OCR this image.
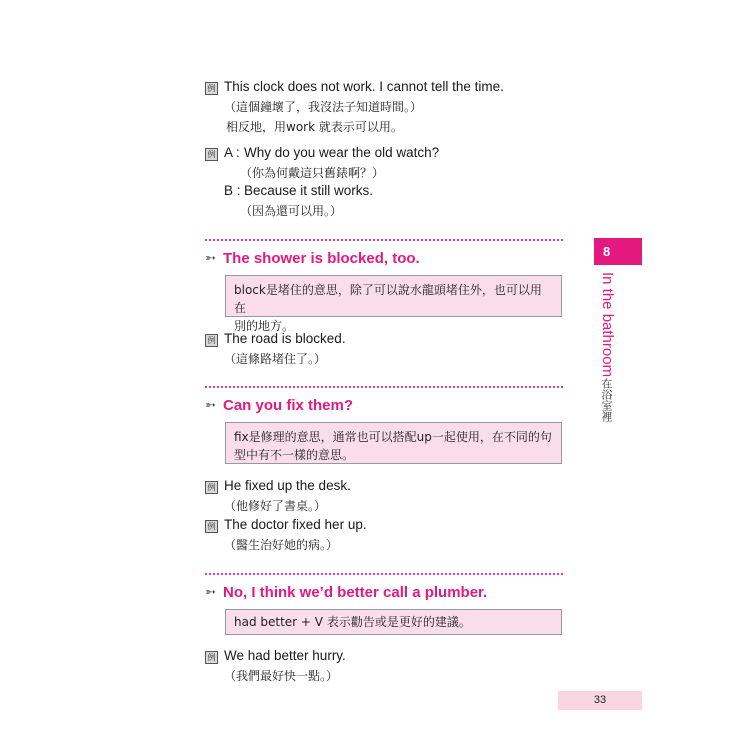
例 This clock does not work. I cannot tell the time.
（這個鐘壞了，我沒法子知道時間。）
相反地，用work 就表示可以用。
例 A : Why do you wear the old watch?
（你為何戴這只舊錶啊？）
B : Because it still works.
（因為還可以用。）
➳ The shower is blocked, too.
block是堵住的意思，除了可以說水龍頭堵住外，也可以用在
別的地方。
例 The road is blocked.
（這條路堵住了。）
➳ Can you fix them?
fix是修理的意思，通常也可以搭配up一起使用，在不同的句
型中有不一樣的意思。
例 He fixed up the desk.
（他修好了書桌。）
例 The doctor fixed her up.
（醫生治好她的病。）
➳ No, I think we’d better call a plumber.
had better + V 表示勸告或是更好的建議。
例 We had better hurry.
（我們最好快一點。）
8
In the bathroom
在浴室裡
33
